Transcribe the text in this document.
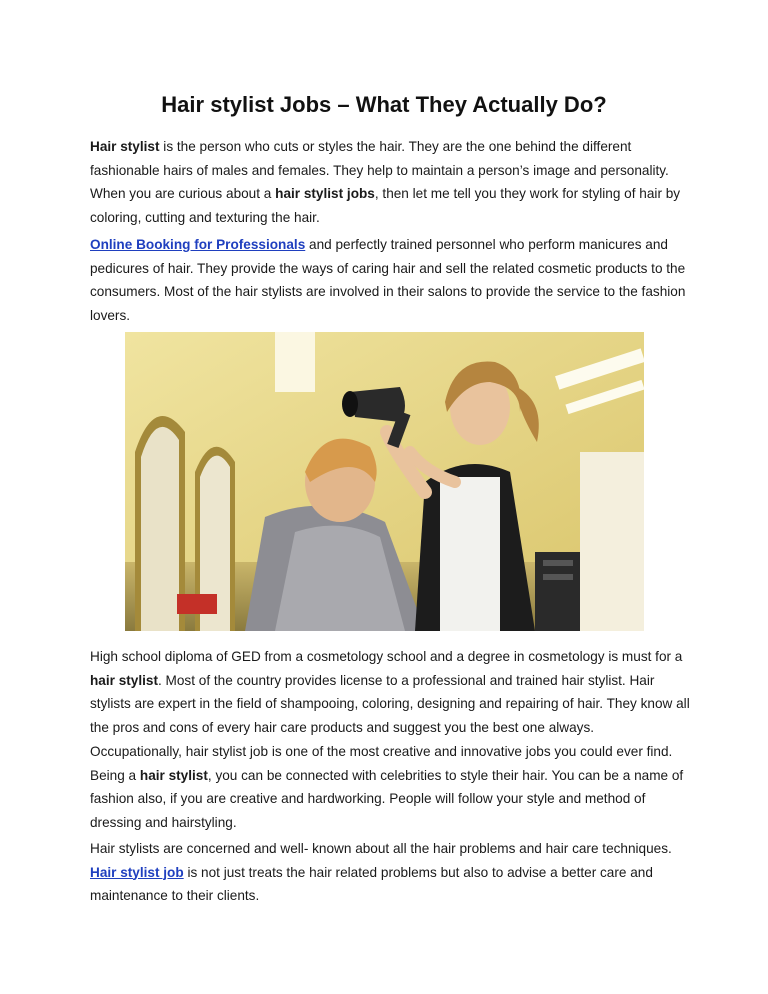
Hair stylist Jobs – What They Actually Do?

Hair stylist is the person who cuts or styles the hair. They are the one behind the different fashionable hairs of males and females. They help to maintain a person’s image and personality. When you are curious about a hair stylist jobs, then let me tell you they work for styling of hair by coloring, cutting and texturing the hair.

Online Booking for Professionals and perfectly trained personnel who perform manicures and pedicures of hair. They provide the ways of caring hair and sell the related cosmetic products to the consumers. Most of the hair stylists are involved in their salons to provide the service to the fashion lovers.

High school diploma of GED from a cosmetology school and a degree in cosmetology is must for a hair stylist. Most of the country provides license to a professional and trained hair stylist. Hair stylists are expert in the field of shampooing, coloring, designing and repairing of hair. They know all the pros and cons of every hair care products and suggest you the best one always.

Occupationally, hair stylist job is one of the most creative and innovative jobs you could ever find. Being a hair stylist, you can be connected with celebrities to style their hair. You can be a name of fashion also, if you are creative and hardworking. People will follow your style and method of dressing and hairstyling.

Hair stylists are concerned and well- known about all the hair problems and hair care techniques. Hair stylist job is not just treats the hair related problems but also to advise a better care and maintenance to their clients.
